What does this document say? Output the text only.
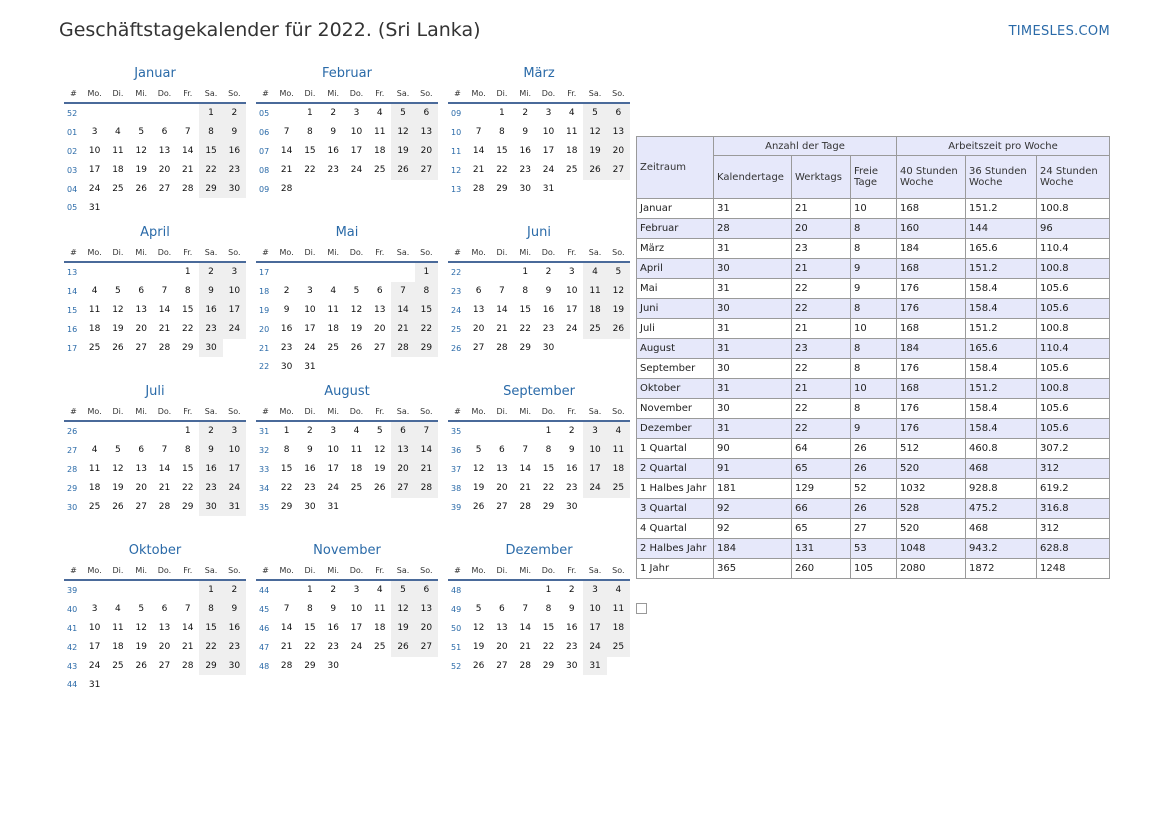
Geschäftstagekalender für 2022. (Sri Lanka)	TIMESLES.COM
Januar
#	Mo.	Di.	Mi.	Do.	Fr.	Sa.	So.
52						1	2
01	3	4	5	6	7	8	9
02	10	11	12	13	14	15	16
03	17	18	19	20	21	22	23
04	24	25	26	27	28	29	30
05	31						
Februar
#	Mo.	Di.	Mi.	Do.	Fr.	Sa.	So.
05		1	2	3	4	5	6
06	7	8	9	10	11	12	13
07	14	15	16	17	18	19	20
08	21	22	23	24	25	26	27
09	28						
März
#	Mo.	Di.	Mi.	Do.	Fr.	Sa.	So.
09		1	2	3	4	5	6
10	7	8	9	10	11	12	13
11	14	15	16	17	18	19	20
12	21	22	23	24	25	26	27
13	28	29	30	31			
April
#	Mo.	Di.	Mi.	Do.	Fr.	Sa.	So.
13					1	2	3
14	4	5	6	7	8	9	10
15	11	12	13	14	15	16	17
16	18	19	20	21	22	23	24
17	25	26	27	28	29	30	
Mai
#	Mo.	Di.	Mi.	Do.	Fr.	Sa.	So.
17							1
18	2	3	4	5	6	7	8
19	9	10	11	12	13	14	15
20	16	17	18	19	20	21	22
21	23	24	25	26	27	28	29
22	30	31					
Juni
#	Mo.	Di.	Mi.	Do.	Fr.	Sa.	So.
22			1	2	3	4	5
23	6	7	8	9	10	11	12
24	13	14	15	16	17	18	19
25	20	21	22	23	24	25	26
26	27	28	29	30			
Juli
#	Mo.	Di.	Mi.	Do.	Fr.	Sa.	So.
26					1	2	3
27	4	5	6	7	8	9	10
28	11	12	13	14	15	16	17
29	18	19	20	21	22	23	24
30	25	26	27	28	29	30	31
August
#	Mo.	Di.	Mi.	Do.	Fr.	Sa.	So.
31	1	2	3	4	5	6	7
32	8	9	10	11	12	13	14
33	15	16	17	18	19	20	21
34	22	23	24	25	26	27	28
35	29	30	31				
September
#	Mo.	Di.	Mi.	Do.	Fr.	Sa.	So.
35				1	2	3	4
36	5	6	7	8	9	10	11
37	12	13	14	15	16	17	18
38	19	20	21	22	23	24	25
39	26	27	28	29	30		
Oktober
#	Mo.	Di.	Mi.	Do.	Fr.	Sa.	So.
39						1	2
40	3	4	5	6	7	8	9
41	10	11	12	13	14	15	16
42	17	18	19	20	21	22	23
43	24	25	26	27	28	29	30
44	31						
November
#	Mo.	Di.	Mi.	Do.	Fr.	Sa.	So.
44		1	2	3	4	5	6
45	7	8	9	10	11	12	13
46	14	15	16	17	18	19	20
47	21	22	23	24	25	26	27
48	28	29	30				
Dezember
#	Mo.	Di.	Mi.	Do.	Fr.	Sa.	So.
48				1	2	3	4
49	5	6	7	8	9	10	11
50	12	13	14	15	16	17	18
51	19	20	21	22	23	24	25
52	26	27	28	29	30	31	
Zeitraum	Anzahl der Tage			Arbeitszeit pro Woche		
	Kalendertage	Werktags	Freie Tage	40 Stunden Woche	36 Stunden Woche	24 Stunden Woche
Januar	31	21	10	168	151.2	100.8
Februar	28	20	8	160	144	96
März	31	23	8	184	165.6	110.4
April	30	21	9	168	151.2	100.8
Mai	31	22	9	176	158.4	105.6
Juni	30	22	8	176	158.4	105.6
Juli	31	21	10	168	151.2	100.8
August	31	23	8	184	165.6	110.4
September	30	22	8	176	158.4	105.6
Oktober	31	21	10	168	151.2	100.8
November	30	22	8	176	158.4	105.6
Dezember	31	22	9	176	158.4	105.6
1 Quartal	90	64	26	512	460.8	307.2
2 Quartal	91	65	26	520	468	312
1 Halbes Jahr	181	129	52	1032	928.8	619.2
3 Quartal	92	66	26	528	475.2	316.8
4 Quartal	92	65	27	520	468	312
2 Halbes Jahr	184	131	53	1048	943.2	628.8
1 Jahr	365	260	105	2080	1872	1248
